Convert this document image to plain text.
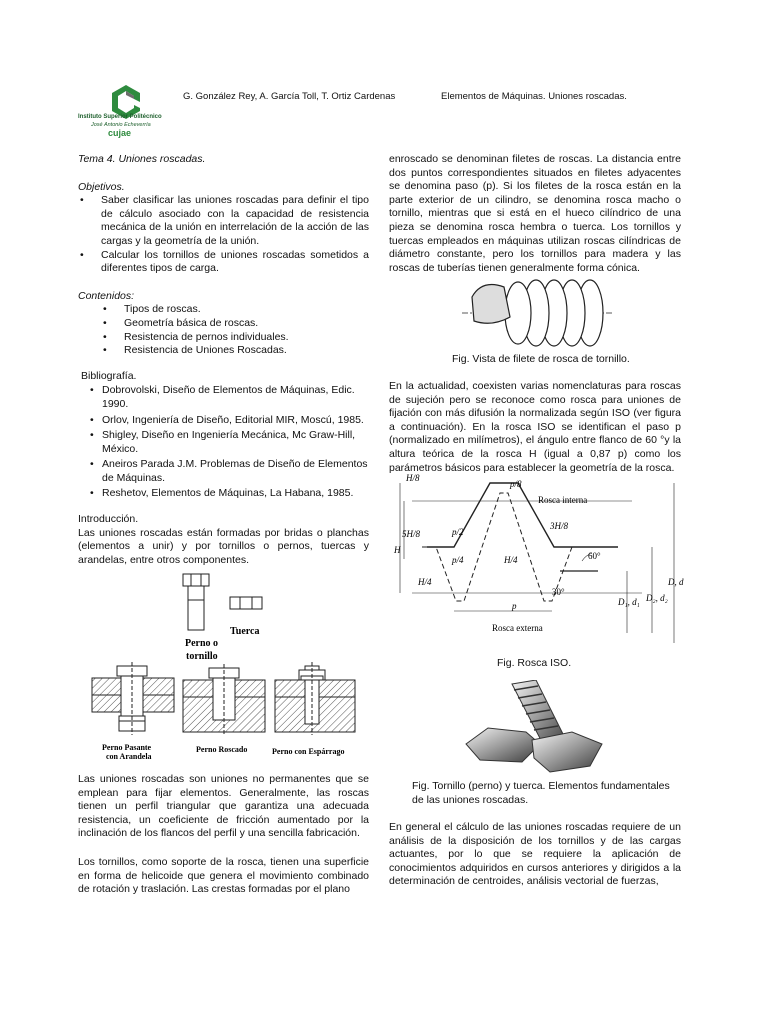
Instituto Superior Politécnico
José Antonio Echeverría
cujae
G. González Rey, A. García Toll, T. Ortiz Cardenas	Elementos de Máquinas. Uniones roscadas.
Tema 4. Uniones roscadas.
Objetivos.
• Saber clasificar las uniones roscadas para definir el tipo de cálculo asociado con la capacidad de resistencia mecánica de la unión en interrelación de la acción de las cargas y la geometría de la unión.
• Calcular los tornillos de uniones roscadas sometidos a diferentes tipos de carga.
Contenidos:
• Tipos de roscas.
• Geometría básica de roscas.
• Resistencia de pernos individuales.
• Resistencia de Uniones Roscadas.
Bibliografía.
• Dobrovolski, Diseño de Elementos de Máquinas, Edic. 1990.
• Orlov, Ingeniería de Diseño, Editorial MIR, Moscú, 1985.
• Shigley, Diseño en Ingeniería Mecánica, Mc Graw-Hill, México.
• Aneiros Parada J.M. Problemas de Diseño de Elementos de Máquinas.
• Reshetov, Elementos de Máquinas, La Habana, 1985.
Introducción.
Las uniones roscadas están formadas por bridas o planchas (elementos a unir) y por tornillos o pernos, tuercas y arandelas, entre otros componentes.
Perno o
tornillo
Tuerca
Perno Pasante
con Arandela
Perno Roscado	Perno con Espárrago
Las uniones roscadas son uniones no permanentes que se emplean para fijar elementos. Generalmente, las roscas tienen un perfil triangular que garantiza una adecuada resistencia, un coeficiente de fricción aumentado por la inclinación de los flancos del perfil y una sencilla fabricación.
Los tornillos, como soporte de la rosca, tienen una superficie en forma de helicoide que genera el movimiento combinado de rotación y traslación. Las crestas formadas por el plano
enroscado se denominan filetes de roscas. La distancia entre dos puntos correspondientes situados en filetes adyacentes se denomina paso (p). Si los filetes de la rosca están en la parte exterior de un cilindro, se denomina rosca macho o tornillo, mientras que si está en el hueco cilíndrico de una pieza se denomina rosca hembra o tuerca. Los tornillos y tuercas empleados en máquinas utilizan roscas cilíndricas de diámetro constante, pero los tornillos para madera y las roscas de tuberías tienen generalmente forma cónica.
Fig. Vista de filete de rosca de tornillo.
En la actualidad, coexisten varias nomenclaturas para roscas de sujeción pero se reconoce como rosca para uniones de fijación con más difusión la normalizada según ISO (ver figura a continuación). En la rosca ISO se identifican el paso p (normalizado en milímetros), el ángulo entre flanco de 60 °y la altura teórica de la rosca H (igual a 0,87 p) como los parámetros básicos para establecer la geometría de la rosca.
H/8
p/8
Rosca interna
3H/8
5H/8
H
p/2
p/4	H/4	60°
H/4
30°
p	D₁, d₁ D₂, d₂
D, d
Rosca externa
Fig. Rosca ISO.
Fig. Tornillo (perno) y tuerca. Elementos fundamentales de las uniones roscadas.
En general el cálculo de las uniones roscadas requiere de un análisis de la disposición de los tornillos y de las cargas actuantes, por lo que se requiere la aplicación de conocimientos adquiridos en cursos anteriores y dirigidos a la determinación de centroides, análisis vectorial de fuerzas,
